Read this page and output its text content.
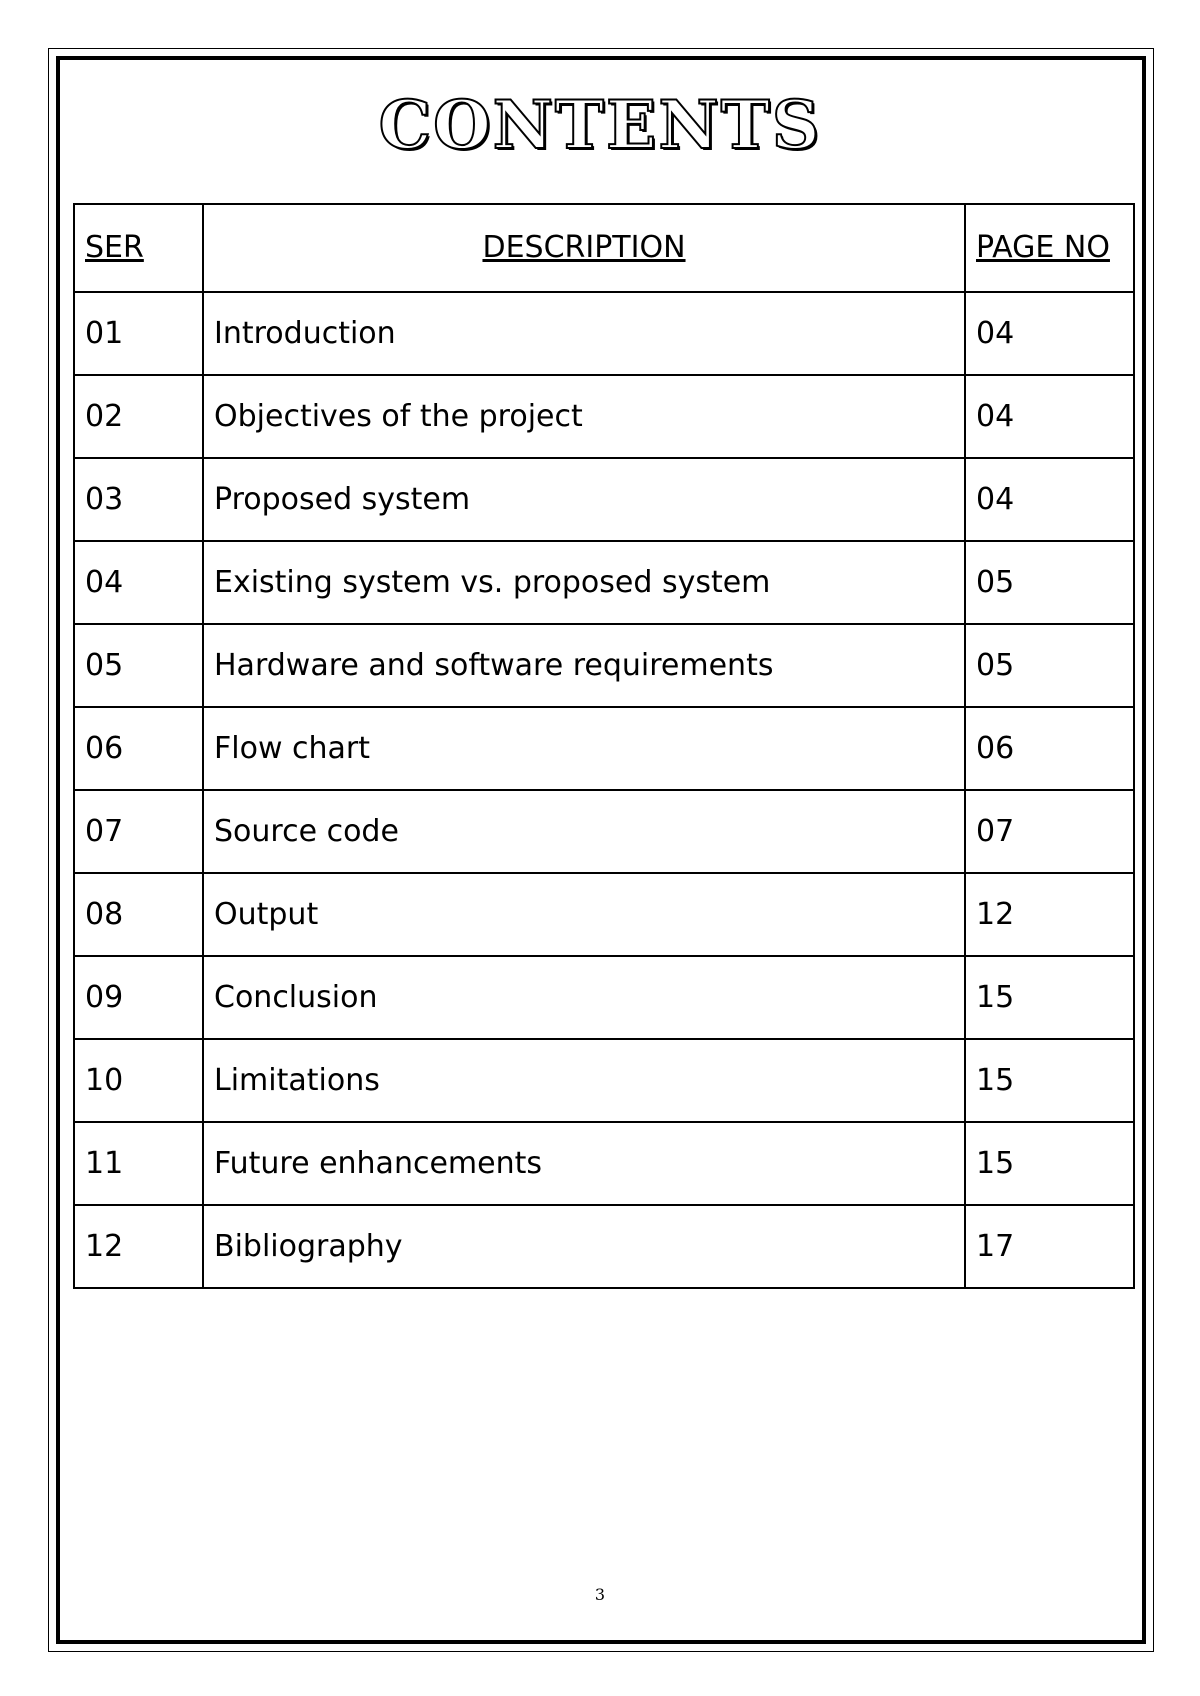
CONTENTS
SER	DESCRIPTION	PAGE NO
01	Introduction	04
02	Objectives of the project	04
03	Proposed system	04
04	Existing system vs. proposed system	05
05	Hardware and software requirements	05
06	Flow chart	06
07	Source code	07
08	Output	12
09	Conclusion	15
10	Limitations	15
11	Future enhancements	15
12	Bibliography	17
3
